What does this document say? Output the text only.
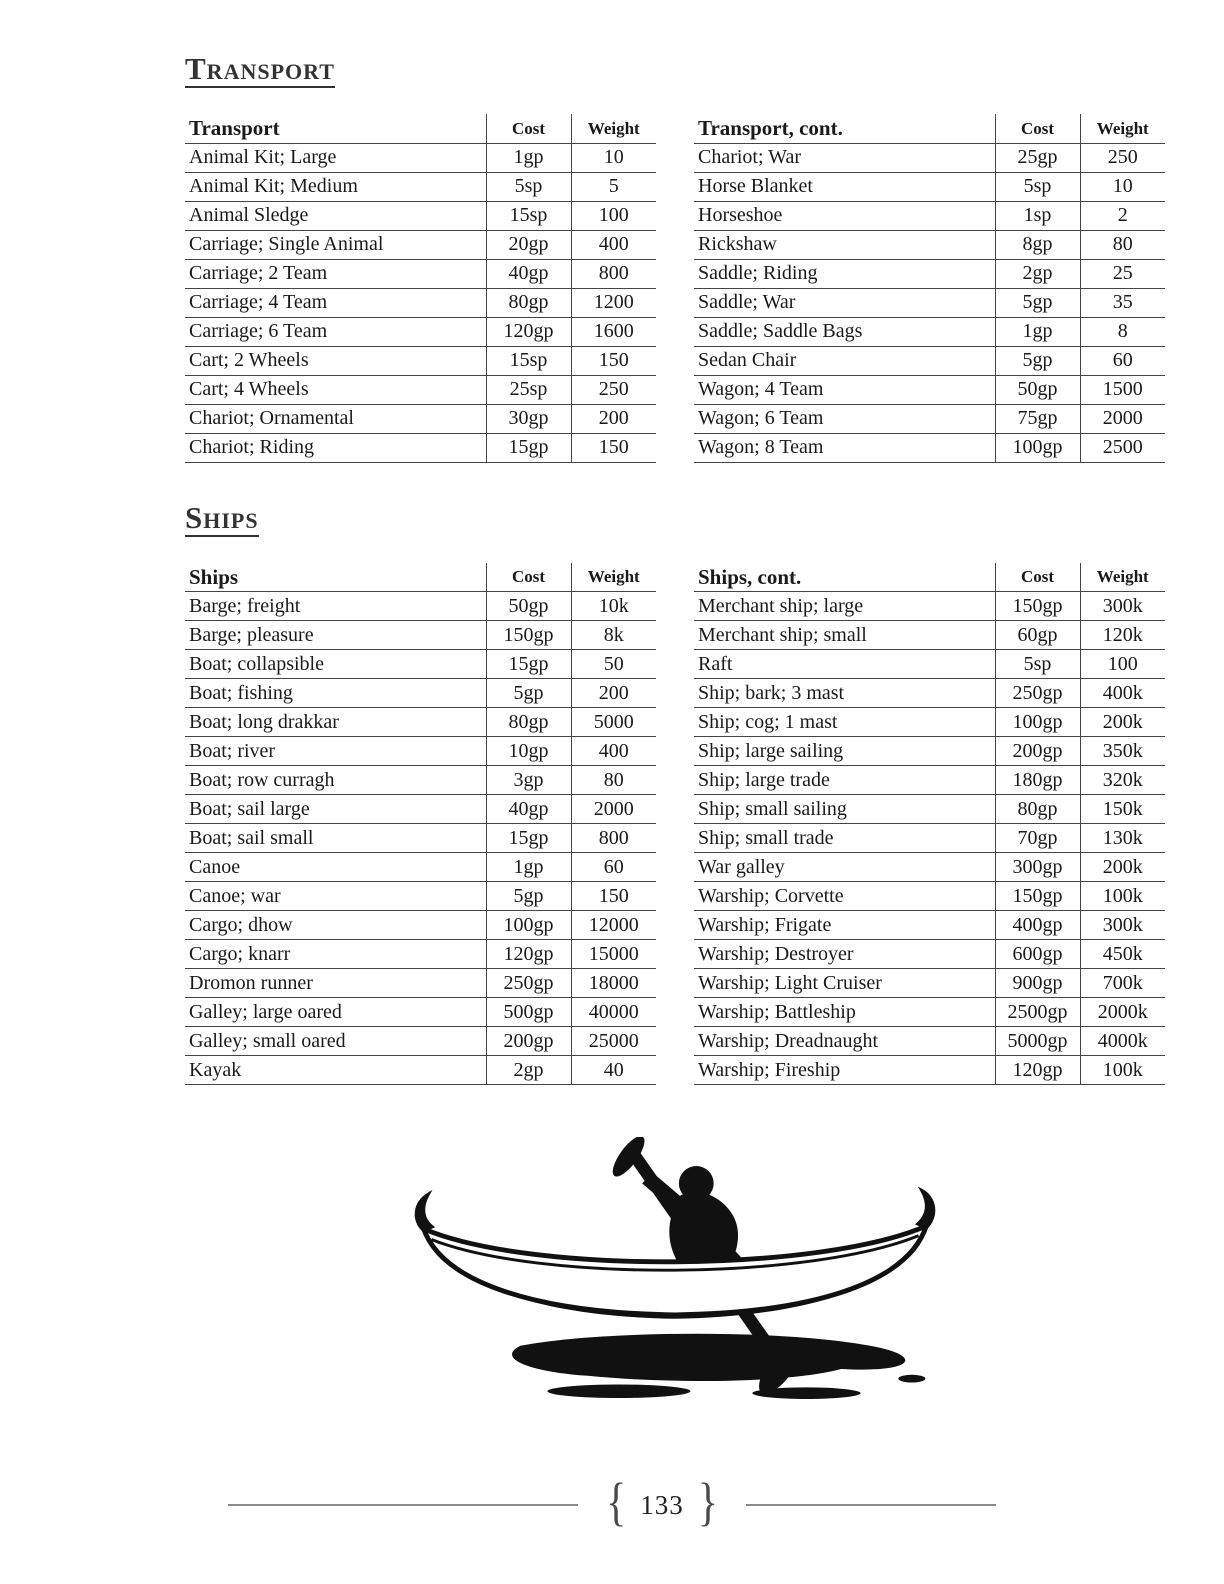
Transport
Transport	Cost	Weight
Animal Kit; Large	1gp	10
Animal Kit; Medium	5sp	5
Animal Sledge	15sp	100
Carriage; Single Animal	20gp	400
Carriage; 2 Team	40gp	800
Carriage; 4 Team	80gp	1200
Carriage; 6 Team	120gp	1600
Cart; 2 Wheels	15sp	150
Cart; 4 Wheels	25sp	250
Chariot; Ornamental	30gp	200
Chariot; Riding	15gp	150
Transport, cont.	Cost	Weight
Chariot; War	25gp	250
Horse Blanket	5sp	10
Horseshoe	1sp	2
Rickshaw	8gp	80
Saddle; Riding	2gp	25
Saddle; War	5gp	35
Saddle; Saddle Bags	1gp	8
Sedan Chair	5gp	60
Wagon; 4 Team	50gp	1500
Wagon; 6 Team	75gp	2000
Wagon; 8 Team	100gp	2500
Ships
Ships	Cost	Weight
Barge; freight	50gp	10k
Barge; pleasure	150gp	8k
Boat; collapsible	15gp	50
Boat; fishing	5gp	200
Boat; long drakkar	80gp	5000
Boat; river	10gp	400
Boat; row curragh	3gp	80
Boat; sail large	40gp	2000
Boat; sail small	15gp	800
Canoe	1gp	60
Canoe; war	5gp	150
Cargo; dhow	100gp	12000
Cargo; knarr	120gp	15000
Dromon runner	250gp	18000
Galley; large oared	500gp	40000
Galley; small oared	200gp	25000
Kayak	2gp	40
Ships, cont.	Cost	Weight
Merchant ship; large	150gp	300k
Merchant ship; small	60gp	120k
Raft	5sp	100
Ship; bark; 3 mast	250gp	400k
Ship; cog; 1 mast	100gp	200k
Ship; large sailing	200gp	350k
Ship; large trade	180gp	320k
Ship; small sailing	80gp	150k
Ship; small trade	70gp	130k
War galley	300gp	200k
Warship; Corvette	150gp	100k
Warship; Frigate	400gp	300k
Warship; Destroyer	600gp	450k
Warship; Light Cruiser	900gp	700k
Warship; Battleship	2500gp	2000k
Warship; Dreadnaught	5000gp	4000k
Warship; Fireship	120gp	100k
{ 133 }
